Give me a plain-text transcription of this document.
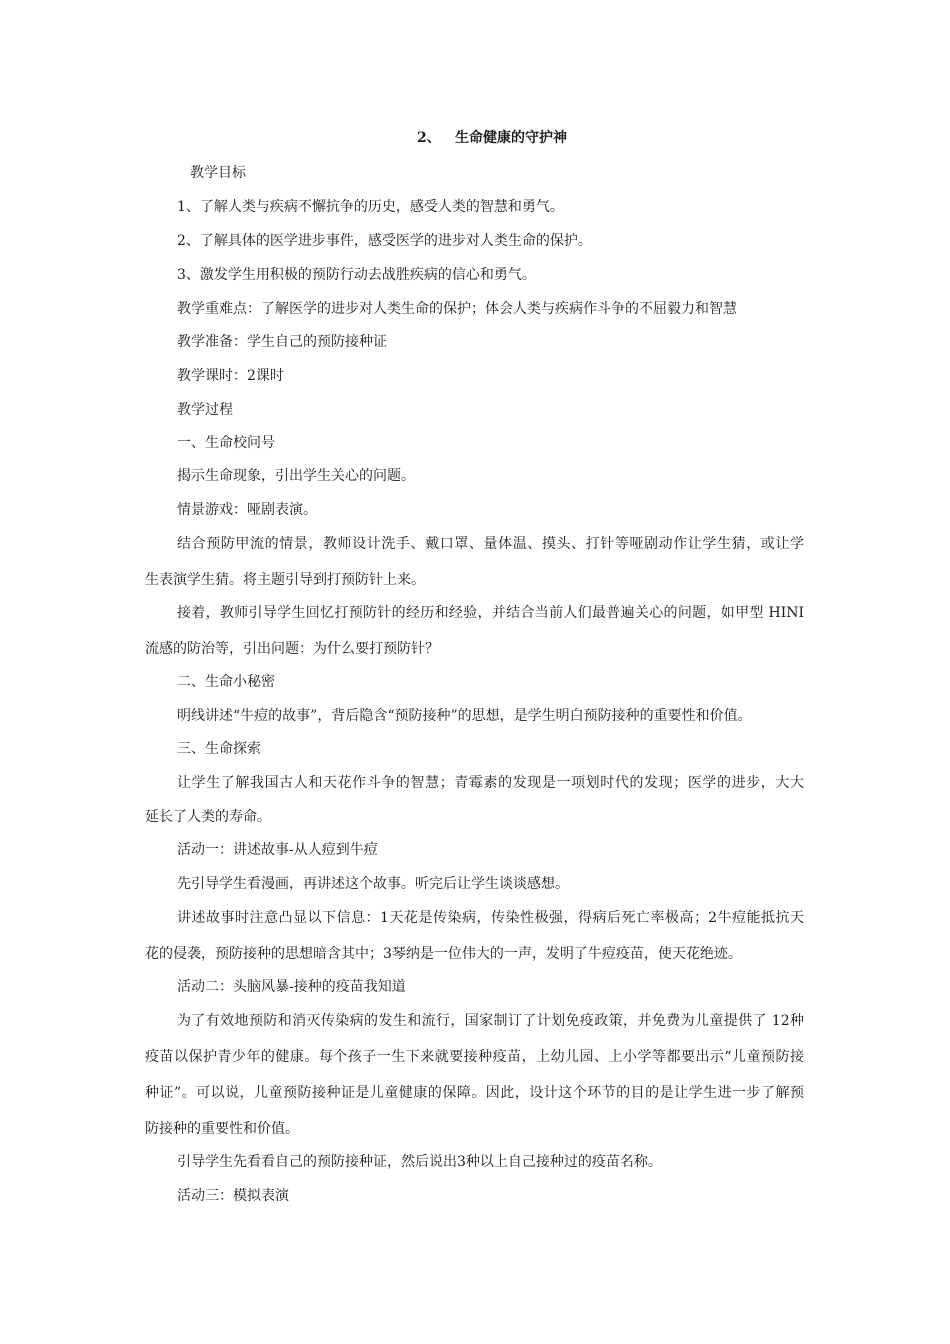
2、 生命健康的守护神
教学目标
1、了解人类与疾病不懈抗争的历史，感受人类的智慧和勇气。
2、了解具体的医学进步事件，感受医学的进步对人类生命的保护。
3、激发学生用积极的预防行动去战胜疾病的信心和勇气。
教学重难点：了解医学的进步对人类生命的保护；体会人类与疾病作斗争的不屈毅力和智慧
教学准备：学生自己的预防接种证
教学课时：2课时
教学过程
一、生命校问号
揭示生命现象，引出学生关心的问题。
情景游戏：哑剧表演。
结合预防甲流的情景，教师设计洗手、戴口罩、量体温、摸头、打针等哑剧动作让学生猜，或让学
生表演学生猜。将主题引导到打预防针上来。
接着，教师引导学生回忆打预防针的经历和经验，并结合当前人们最普遍关心的问题，如甲型 HINI
流感的防治等，引出问题：为什么要打预防针？
二、生命小秘密
明线讲述“牛痘的故事”，背后隐含“预防接种”的思想，是学生明白预防接种的重要性和价值。
三、生命探索
让学生了解我国古人和天花作斗争的智慧；青霉素的发现是一项划时代的发现；医学的进步，大大
延长了人类的寿命。
活动一：讲述故事-从人痘到牛痘
先引导学生看漫画，再讲述这个故事。听完后让学生谈谈感想。
讲述故事时注意凸显以下信息：1天花是传染病，传染性极强，得病后死亡率极高；2牛痘能抵抗天
花的侵袭，预防接种的思想暗含其中；3琴纳是一位伟大的一声，发明了牛痘疫苗，使天花绝迹。
活动二：头脑风暴-接种的疫苗我知道
为了有效地预防和消灭传染病的发生和流行，国家制订了计划免疫政策，并免费为儿童提供了 12种
疫苗以保护青少年的健康。每个孩子一生下来就要接种疫苗，上幼儿园、上小学等都要出示“儿童预防接
种证”。可以说，儿童预防接种证是儿童健康的保障。因此，设计这个环节的目的是让学生进一步了解预
防接种的重要性和价值。
引导学生先看看自己的预防接种证，然后说出3种以上自己接种过的疫苗名称。
活动三：模拟表演
